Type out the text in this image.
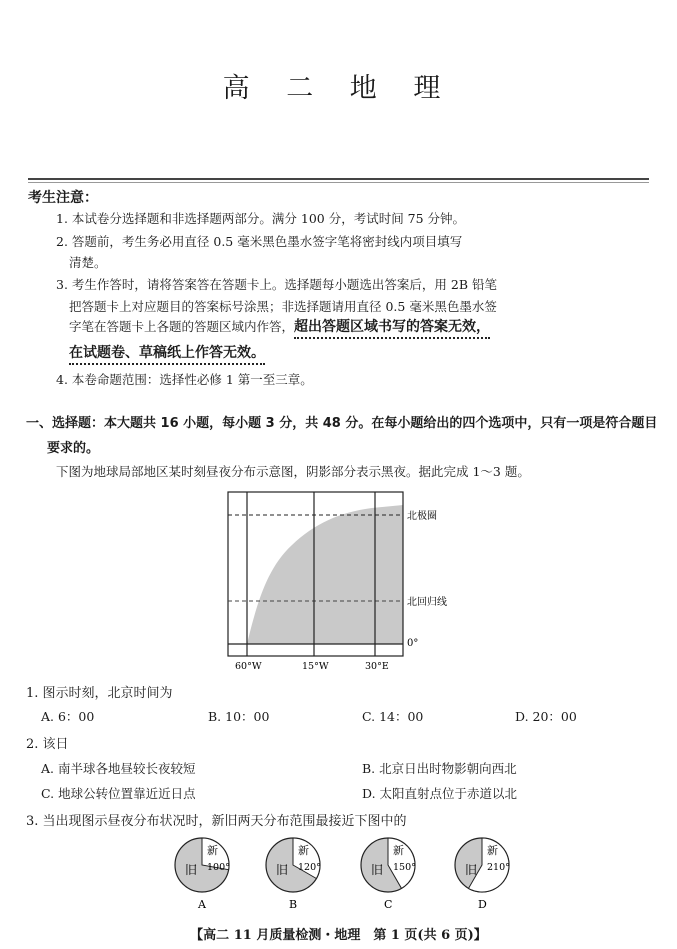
高 二 地 理
考生注意：
1. 本试卷分选择题和非选择题两部分。满分 100 分，考试时间 75 分钟。
2. 答题前，考生务必用直径 0.5 毫米黑色墨水签字笔将密封线内项目填写
清楚。
3. 考生作答时，请将答案答在答题卡上。选择题每小题选出答案后，用 2B 铅笔
把答题卡上对应题目的答案标号涂黑；非选择题请用直径 0.5 毫米黑色墨水签
字笔在答题卡上各题的答题区域内作答，超出答题区域书写的答案无效，
在试题卷、草稿纸上作答无效。
4. 本卷命题范围：选择性必修 1 第一至三章。
一、选择题：本大题共 16 小题，每小题 3 分，共 48 分。在每小题给出的四个选项中，只有一项是符合题目
要求的。
下图为地球局部地区某时刻昼夜分布示意图，阴影部分表示黑夜。据此完成 1～3 题。
北极圈
北回归线
0°
60°W	15°W	30°E
1. 图示时刻，北京时间为
A. 6：00	B. 10：00	C. 14：00	D. 20：00
2. 该日
A. 南半球各地昼较长夜较短	B. 北京日出时物影朝向西北
C. 地球公转位置靠近近日点	D. 太阳直射点位于赤道以北
3. 当出现图示昼夜分布状况时，新旧两天分布范围最接近下图中的
新
100°
旧
A
新
120°
旧
B
新
150°
旧
C
新
210°
旧
D
【高二 11 月质量检测・地理　第 1 页(共 6 页)】
